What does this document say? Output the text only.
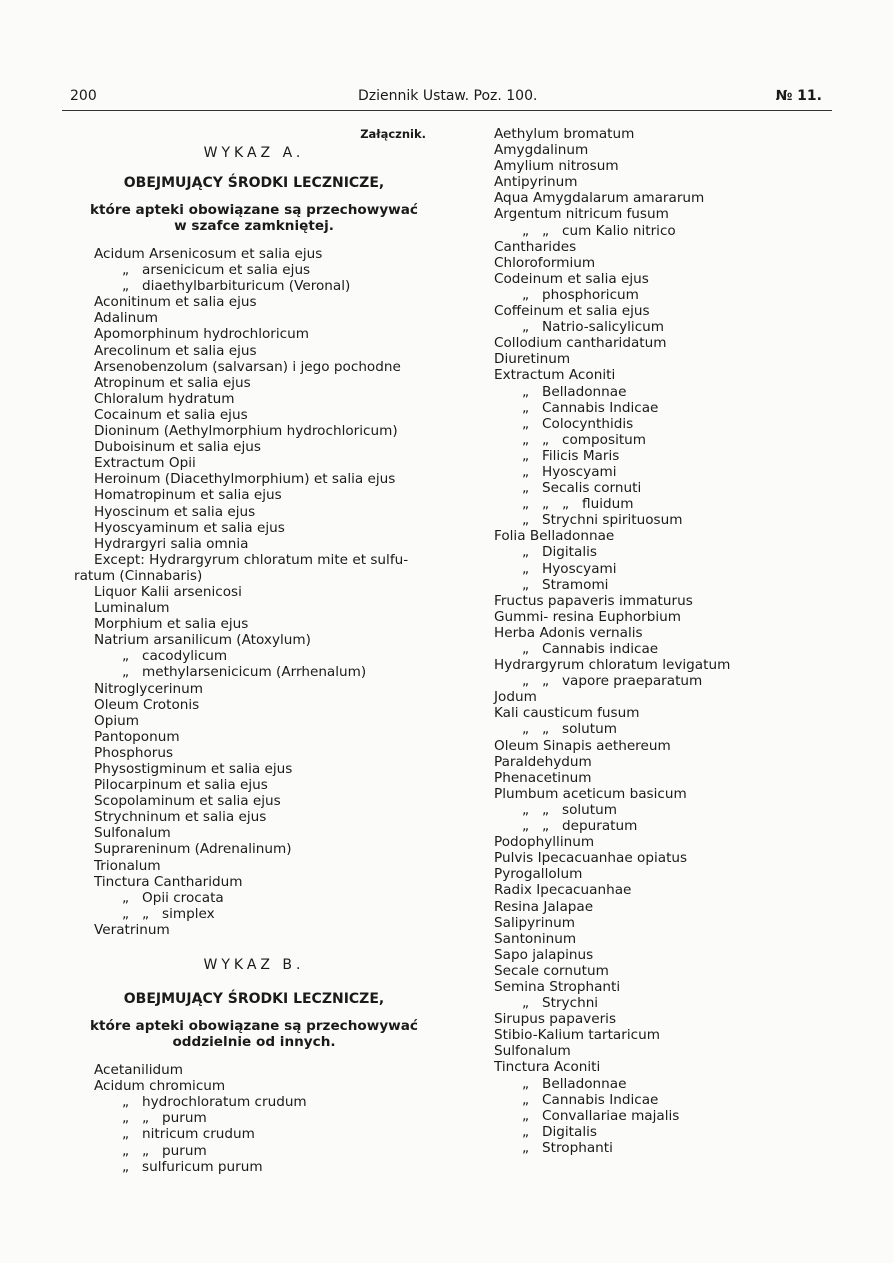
200	Dziennik Ustaw. Poz. 100.	№ 11.
Załącznik.
WYKAZ A.
OBEJMUJĄCY ŚRODKI LECZNICZE,
które apteki obowiązane są przechowywać
w szafce zamkniętej.
Acidum Arsenicosum et salia ejus
„   arsenicicum et salia ejus
„   diaethylbarbituricum (Veronal)
Aconitinum et salia ejus
Adalinum
Apomorphinum hydrochloricum
Arecolinum et salia ejus
Arsenobenzolum (salvarsan) i jego pochodne
Atropinum et salia ejus
Chloralum hydratum
Cocainum et salia ejus
Dioninum (Aethylmorphium hydrochloricum)
Duboisinum et salia ejus
Extractum Opii
Heroinum (Diacethylmorphium) et salia ejus
Homatropinum et salia ejus
Hyoscinum et salia ejus
Hyoscyaminum et salia ejus
Hydrargyri salia omnia
Except: Hydrargyrum chloratum mite et sulfu-
ratum (Cinnabaris)
Liquor Kalii arsenicosi
Luminalum
Morphium et salia ejus
Natrium arsanilicum (Atoxylum)
„   cacodylicum
„   methylarsenicicum (Arrhenalum)
Nitroglycerinum
Oleum Crotonis
Opium
Pantoponum
Phosphorus
Physostigminum et salia ejus
Pilocarpinum et salia ejus
Scopolaminum et salia ejus
Strychninum et salia ejus
Sulfonalum
Suprareninum (Adrenalinum)
Trionalum
Tinctura Cantharidum
„   Opii crocata
„   „   simplex
Veratrinum
WYKAZ B.
OBEJMUJĄCY ŚRODKI LECZNICZE,
które apteki obowiązane są przechowywać
oddzielnie od innych.
Acetanilidum
Acidum chromicum
„   hydrochloratum crudum
„   „   purum
„   nitricum crudum
„   „   purum
„   sulfuricum purum
Aethylum bromatum
Amygdalinum
Amylium nitrosum
Antipyrinum
Aqua Amygdalarum amararum
Argentum nitricum fusum
„   „   cum Kalio nitrico
Cantharides
Chloroformium
Codeinum et salia ejus
„   phosphoricum
Coffeinum et salia ejus
„   Natrio-salicylicum
Collodium cantharidatum
Diuretinum
Extractum Aconiti
„   Belladonnae
„   Cannabis Indicae
„   Colocynthidis
„   „   compositum
„   Filicis Maris
„   Hyoscyami
„   Secalis cornuti
„   „   „   fluidum
„   Strychni spirituosum
Folia Belladonnae
„   Digitalis
„   Hyoscyami
„   Stramomi
Fructus papaveris immaturus
Gummi- resina Euphorbium
Herba Adonis vernalis
„   Cannabis indicae
Hydrargyrum chloratum levigatum
„   „   vapore praeparatum
Jodum
Kali causticum fusum
„   „   solutum
Oleum Sinapis aethereum
Paraldehydum
Phenacetinum
Plumbum aceticum basicum
„   „   solutum
„   „   depuratum
Podophyllinum
Pulvis Ipecacuanhae opiatus
Pyrogallolum
Radix Ipecacuanhae
Resina Jalapae
Salipyrinum
Santoninum
Sapo jalapinus
Secale cornutum
Semina Strophanti
„   Strychni
Sirupus papaveris
Stibio-Kalium tartaricum
Sulfonalum
Tinctura Aconiti
„   Belladonnae
„   Cannabis Indicae
„   Convallariae majalis
„   Digitalis
„   Strophanti
